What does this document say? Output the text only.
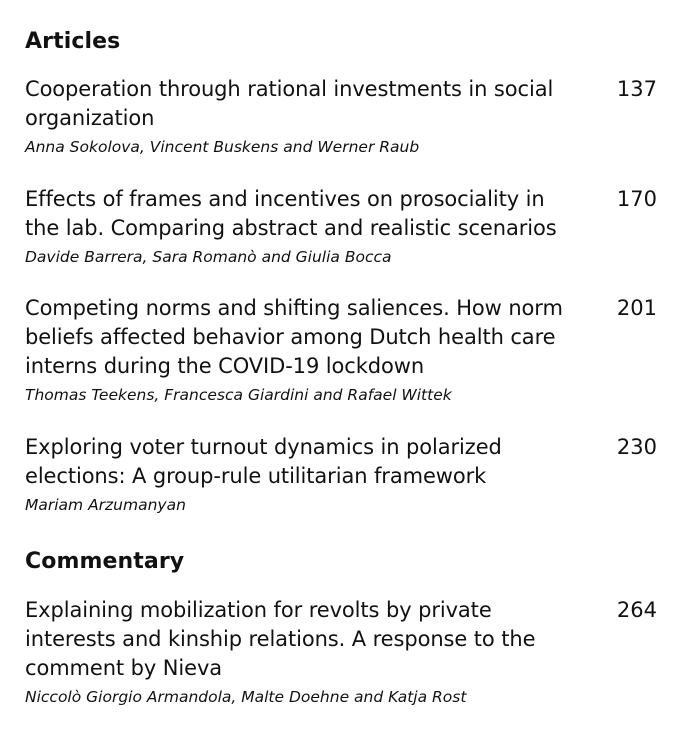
Articles

Cooperation through rational investments in social organization

137
Anna Sokolova, Vincent Buskens and Werner Raub

Effects of frames and incentives on prosociality in the lab. Comparing abstract and realistic scenarios

170
Davide Barrera, Sara Romanò and Giulia Bocca

Competing norms and shifting saliences. How norm beliefs affected behavior among Dutch health care interns during the COVID-19 lockdown

201
Thomas Teekens, Francesca Giardini and Rafael Wittek

Exploring voter turnout dynamics in polarized elections: A group-rule utilitarian framework

230
Mariam Arzumanyan
Commentary

Explaining mobilization for revolts by private interests and kinship relations. A response to the comment by Nieva

264
Niccolò Giorgio Armandola, Malte Doehne and Katja Rost
